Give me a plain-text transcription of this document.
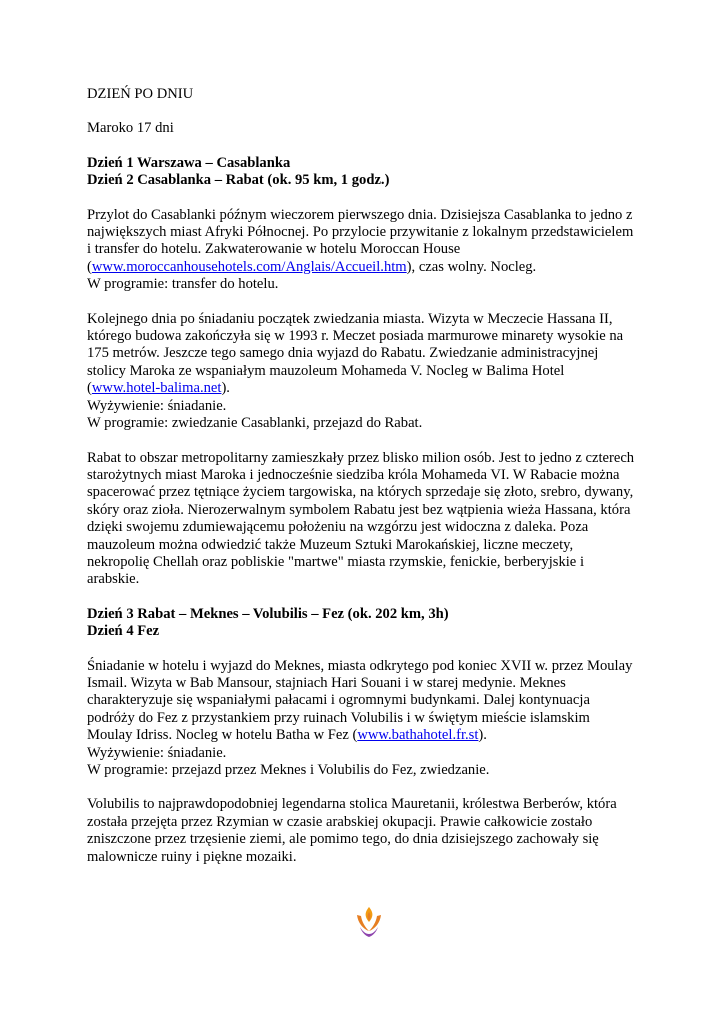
DZIEŃ PO DNIU

Maroko 17 dni

Dzień 1 Warszawa – Casablanka
Dzień 2 Casablanka – Rabat (ok. 95 km, 1 godz.)

Przylot do Casablanki późnym wieczorem pierwszego dnia. Dzisiejsza Casablanka to jedno z
największych miast Afryki Północnej. Po przylocie przywitanie z lokalnym przedstawicielem
i transfer do hotelu. Zakwaterowanie w hotelu Moroccan House
(www.moroccanhousehotels.com/Anglais/Accueil.htm), czas wolny. Nocleg.
W programie: transfer do hotelu.

Kolejnego dnia po śniadaniu początek zwiedzania miasta. Wizyta w Meczecie Hassana II,
którego budowa zakończyła się w 1993 r. Meczet posiada marmurowe minarety wysokie na
175 metrów. Jeszcze tego samego dnia wyjazd do Rabatu. Zwiedzanie administracyjnej
stolicy Maroka ze wspaniałym mauzoleum Mohameda V. Nocleg w Balima Hotel
(www.hotel-balima.net).
Wyżywienie: śniadanie.
W programie: zwiedzanie Casablanki, przejazd do Rabat.

Rabat to obszar metropolitarny zamieszkały przez blisko milion osób. Jest to jedno z czterech
starożytnych miast Maroka i jednocześnie siedziba króla Mohameda VI. W Rabacie można
spacerować przez tętniące życiem targowiska, na których sprzedaje się złoto, srebro, dywany,
skóry oraz zioła. Nierozerwalnym symbolem Rabatu jest bez wątpienia wieża Hassana, która
dzięki swojemu zdumiewającemu położeniu na wzgórzu jest widoczna z daleka. Poza
mauzoleum można odwiedzić także Muzeum Sztuki Marokańskiej, liczne meczety,
nekropolię Chellah oraz pobliskie "martwe" miasta rzymskie, fenickie, berberyjskie i
arabskie.

Dzień 3 Rabat – Meknes – Volubilis – Fez (ok. 202 km, 3h)
Dzień 4 Fez

Śniadanie w hotelu i wyjazd do Meknes, miasta odkrytego pod koniec XVII w. przez Moulay
Ismail. Wizyta w Bab Mansour, stajniach Hari Souani i w starej medynie. Meknes
charakteryzuje się wspaniałymi pałacami i ogromnymi budynkami. Dalej kontynuacja
podróży do Fez z przystankiem przy ruinach Volubilis i w świętym mieście islamskim
Moulay Idriss. Nocleg w hotelu Batha w Fez (www.bathahotel.fr.st).
Wyżywienie: śniadanie.
W programie: przejazd przez Meknes i Volubilis do Fez, zwiedzanie.

Volubilis to najprawdopodobniej legendarna stolica Mauretanii, królestwa Berberów, która
została przejęta przez Rzymian w czasie arabskiej okupacji. Prawie całkowicie zostało
zniszczone przez trzęsienie ziemi, ale pomimo tego, do dnia dzisiejszego zachowały się
malownicze ruiny i piękne mozaiki.
